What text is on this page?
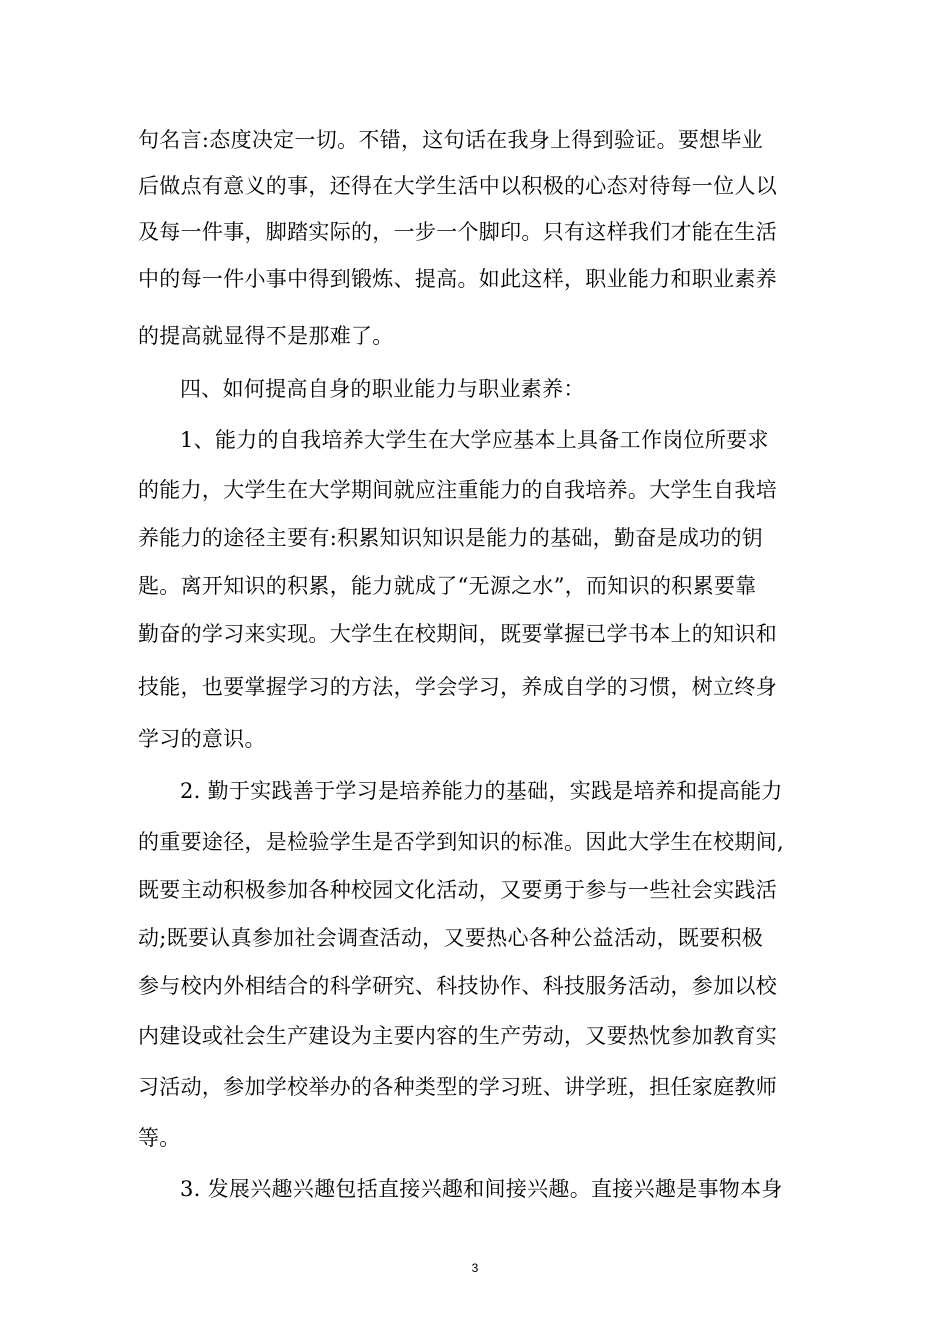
句名言:态度决定一切。不错，这句话在我身上得到验证。要想毕业
后做点有意义的事，还得在大学生活中以积极的心态对待每一位人以
及每一件事，脚踏实际的，一步一个脚印。只有这样我们才能在生活
中的每一件小事中得到锻炼、提高。如此这样，职业能力和职业素养
的提高就显得不是那难了。
四、如何提高自身的职业能力与职业素养：
1、能力的自我培养大学生在大学应基本上具备工作岗位所要求
的能力，大学生在大学期间就应注重能力的自我培养。大学生自我培
养能力的途径主要有:积累知识知识是能力的基础，勤奋是成功的钥
匙。离开知识的积累，能力就成了“无源之水”，而知识的积累要靠
勤奋的学习来实现。大学生在校期间，既要掌握已学书本上的知识和
技能，也要掌握学习的方法，学会学习，养成自学的习惯，树立终身
学习的意识。
2. 勤于实践善于学习是培养能力的基础，实践是培养和提高能力
的重要途径，是检验学生是否学到知识的标准。因此大学生在校期间,
既要主动积极参加各种校园文化活动，又要勇于参与一些社会实践活
动;既要认真参加社会调查活动，又要热心各种公益活动，既要积极
参与校内外相结合的科学研究、科技协作、科技服务活动，参加以校
内建设或社会生产建设为主要内容的生产劳动，又要热忱参加教育实
习活动，参加学校举办的各种类型的学习班、讲学班，担任家庭教师
等。
3. 发展兴趣兴趣包括直接兴趣和间接兴趣。直接兴趣是事物本身
3
